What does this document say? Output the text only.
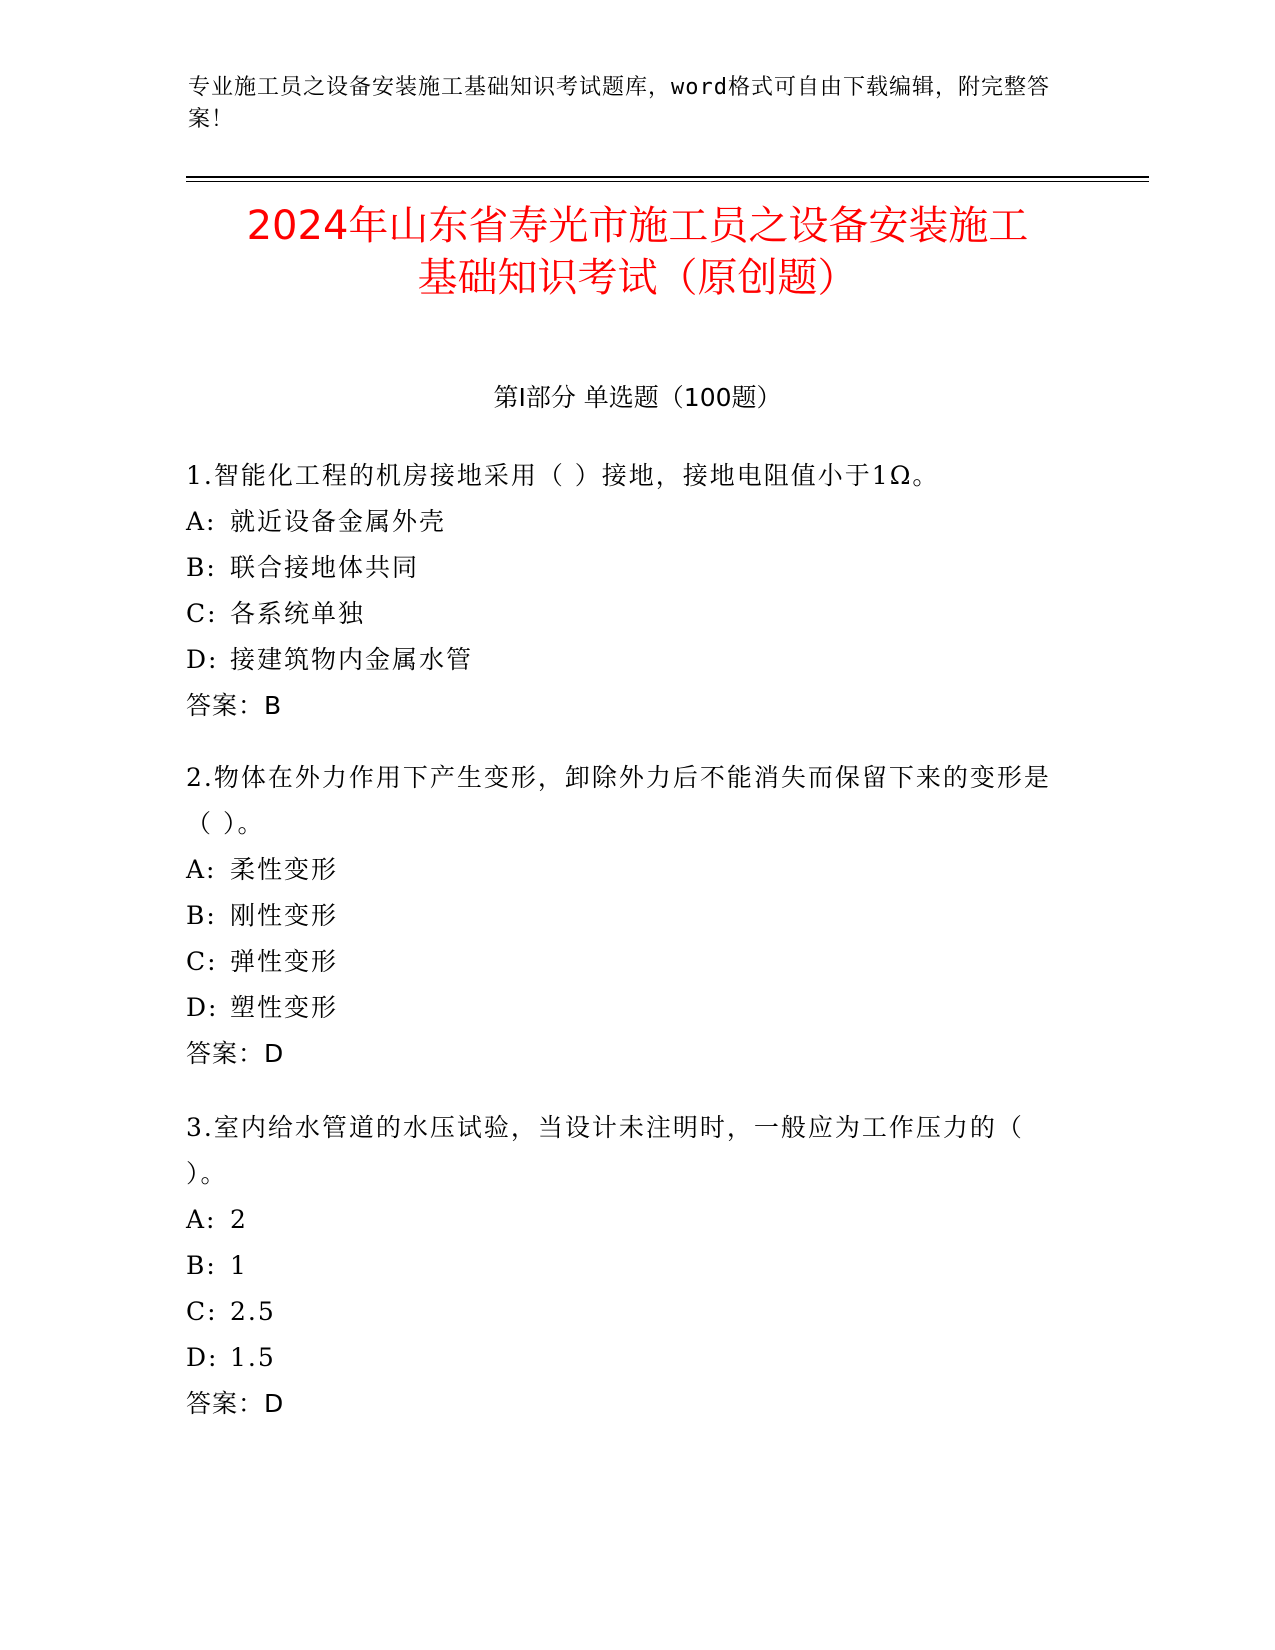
专业施工员之设备安装施工基础知识考试题库，word格式可自由下载编辑，附完整答案！
2024年山东省寿光市施工员之设备安装施工
基础知识考试（原创题）
第Ⅰ部分 单选题（100题）
1.智能化工程的机房接地采用（ ）接地，接地电阻值小于1Ω。
A: 就近设备金属外壳
B: 联合接地体共同
C: 各系统单独
D: 接建筑物内金属水管
答案：B
2.物体在外力作用下产生变形，卸除外力后不能消失而保留下来的变形是（ ）。
A: 柔性变形
B: 刚性变形
C: 弹性变形
D: 塑性变形
答案：D
3.室内给水管道的水压试验，当设计未注明时，一般应为工作压力的（ ）。
A: 2
B: 1
C: 2.5
D: 1.5
答案：D
